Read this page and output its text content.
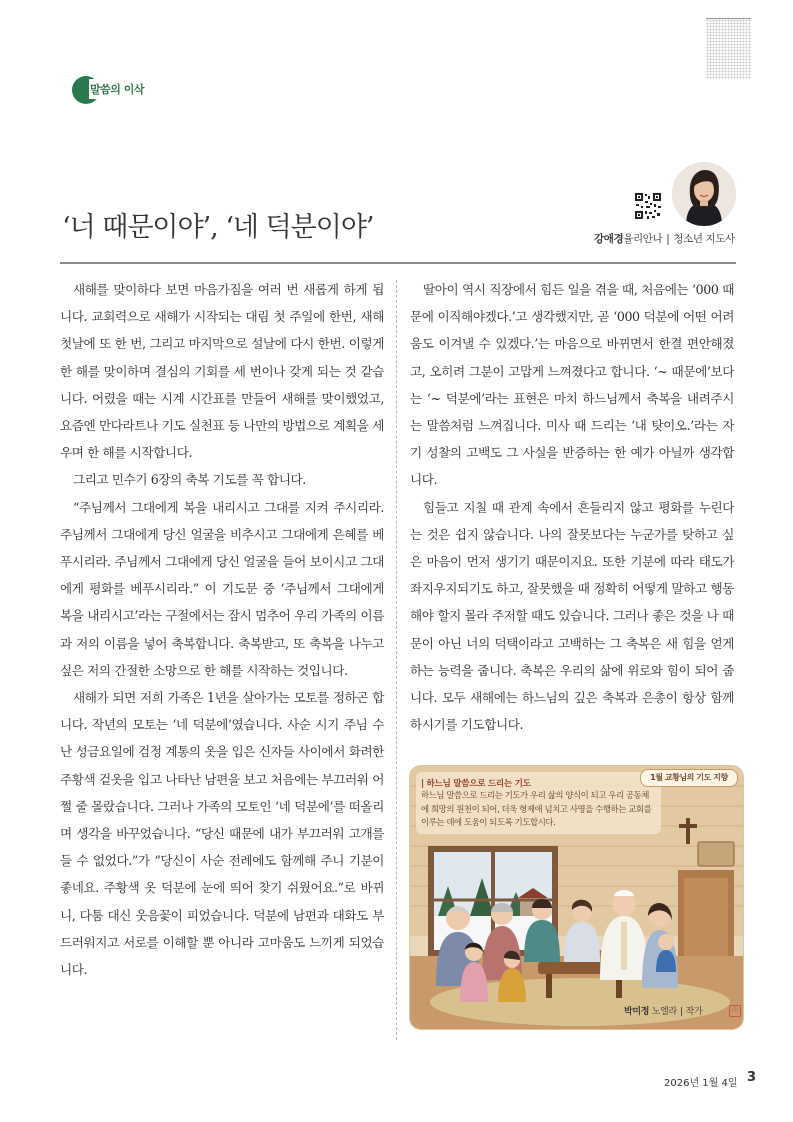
말씀의 이삭
‘너 때문이야’, ‘네 덕분이야’	강애경율리안나 | 청소년 지도사

새해를 맞이하다 보면 마음가짐을 여러 번 새롭게 하게 됩니다. 교회력으로 새해가 시작되는 대림 첫 주일에 한번, 새해 첫날에 또 한 번, 그리고 마지막으로 설날에 다시 한번. 이렇게 한 해를 맞이하며 결심의 기회를 세 번이나 갖게 되는 것 같습니다. 어렸을 때는 시계 시간표를 만들어 새해를 맞이했었고, 요즘엔 만다라트나 기도 실천표 등 나만의 방법으로 계획을 세우며 한 해를 시작합니다.

그리고 민수기 6장의 축복 기도를 꼭 합니다.

“주님께서 그대에게 복을 내리시고 그대를 지켜 주시리라. 주님께서 그대에게 당신 얼굴을 비추시고 그대에게 은혜를 베푸시리라. 주님께서 그대에게 당신 얼굴을 들어 보이시고 그대에게 평화를 베푸시리라.” 이 기도문 중 ‘주님께서 그대에게 복을 내리시고’라는 구절에서는 잠시 멈추어 우리 가족의 이름과 저의 이름을 넣어 축복합니다. 축복받고, 또 축복을 나누고 싶은 저의 간절한 소망으로 한 해를 시작하는 것입니다.

새해가 되면 저희 가족은 1년을 살아가는 모토를 정하곤 합니다. 작년의 모토는 ‘네 덕분에’였습니다. 사순 시기 주님 수난 성금요일에 검정 계통의 옷을 입은 신자들 사이에서 화려한 주황색 겉옷을 입고 나타난 남편을 보고 처음에는 부끄러워 어쩔 줄 몰랐습니다. 그러나 가족의 모토인 ‘네 덕분에’를 떠올리며 생각을 바꾸었습니다. “당신 때문에 내가 부끄러워 고개를 들 수 없었다.”가 “당신이 사순 전례에도 함께해 주니 기분이 좋네요. 주황색 옷 덕분에 눈에 띄어 찾기 쉬웠어요.”로 바뀌니, 다툼 대신 웃음꽃이 피었습니다. 덕분에 남편과 대화도 부드러워지고 서로를 이해할 뿐 아니라 고마움도 느끼게 되었습니다.

딸아이 역시 직장에서 힘든 일을 겪을 때, 처음에는 ‘000 때문에 이직해야겠다.’고 생각했지만, 곧 ‘000 덕분에 어떤 어려움도 이겨낼 수 있겠다.’는 마음으로 바뀌면서 한결 편안해졌고, 오히려 그분이 고맙게 느껴졌다고 합니다. ‘~ 때문에’보다는 ‘~ 덕분에’라는 표현은 마치 하느님께서 축복을 내려주시는 말씀처럼 느껴집니다. 미사 때 드리는 ‘내 탓이오.’라는 자기 성찰의 고백도 그 사실을 반증하는 한 예가 아닐까 생각합니다.

힘들고 지칠 때 관계 속에서 흔들리지 않고 평화를 누린다는 것은 쉽지 않습니다. 나의 잘못보다는 누군가를 탓하고 싶은 마음이 먼저 생기기 때문이지요. 또한 기분에 따라 태도가 좌지우지되기도 하고, 잘못했을 때 정확히 어떻게 말하고 행동해야 할지 몰라 주저할 때도 있습니다. 그러나 좋은 것을 나 때문이 아닌 너의 덕택이라고 고백하는 그 축복은 새 힘을 얻게 하는 능력을 줍니다. 축복은 우리의 삶에 위로와 힘이 되어 줍니다. 모두 새해에는 하느님의 깊은 축복과 은총이 항상 함께하시기를 기도합니다.

| 하느님 말씀으로 드리는 기도
하느님 말씀으로 드리는 기도가 우리 삶의 양식이 되고 우리 공동체에 희망의 원천이 되어, 더욱 형제애 넘치고 사명을 수행하는 교회를 이루는 데에 도움이 되도록 기도합시다.
1월 교황님의 기도 지향
박미정 노엘라 | 작가	印
2026년 1월 4일 3
